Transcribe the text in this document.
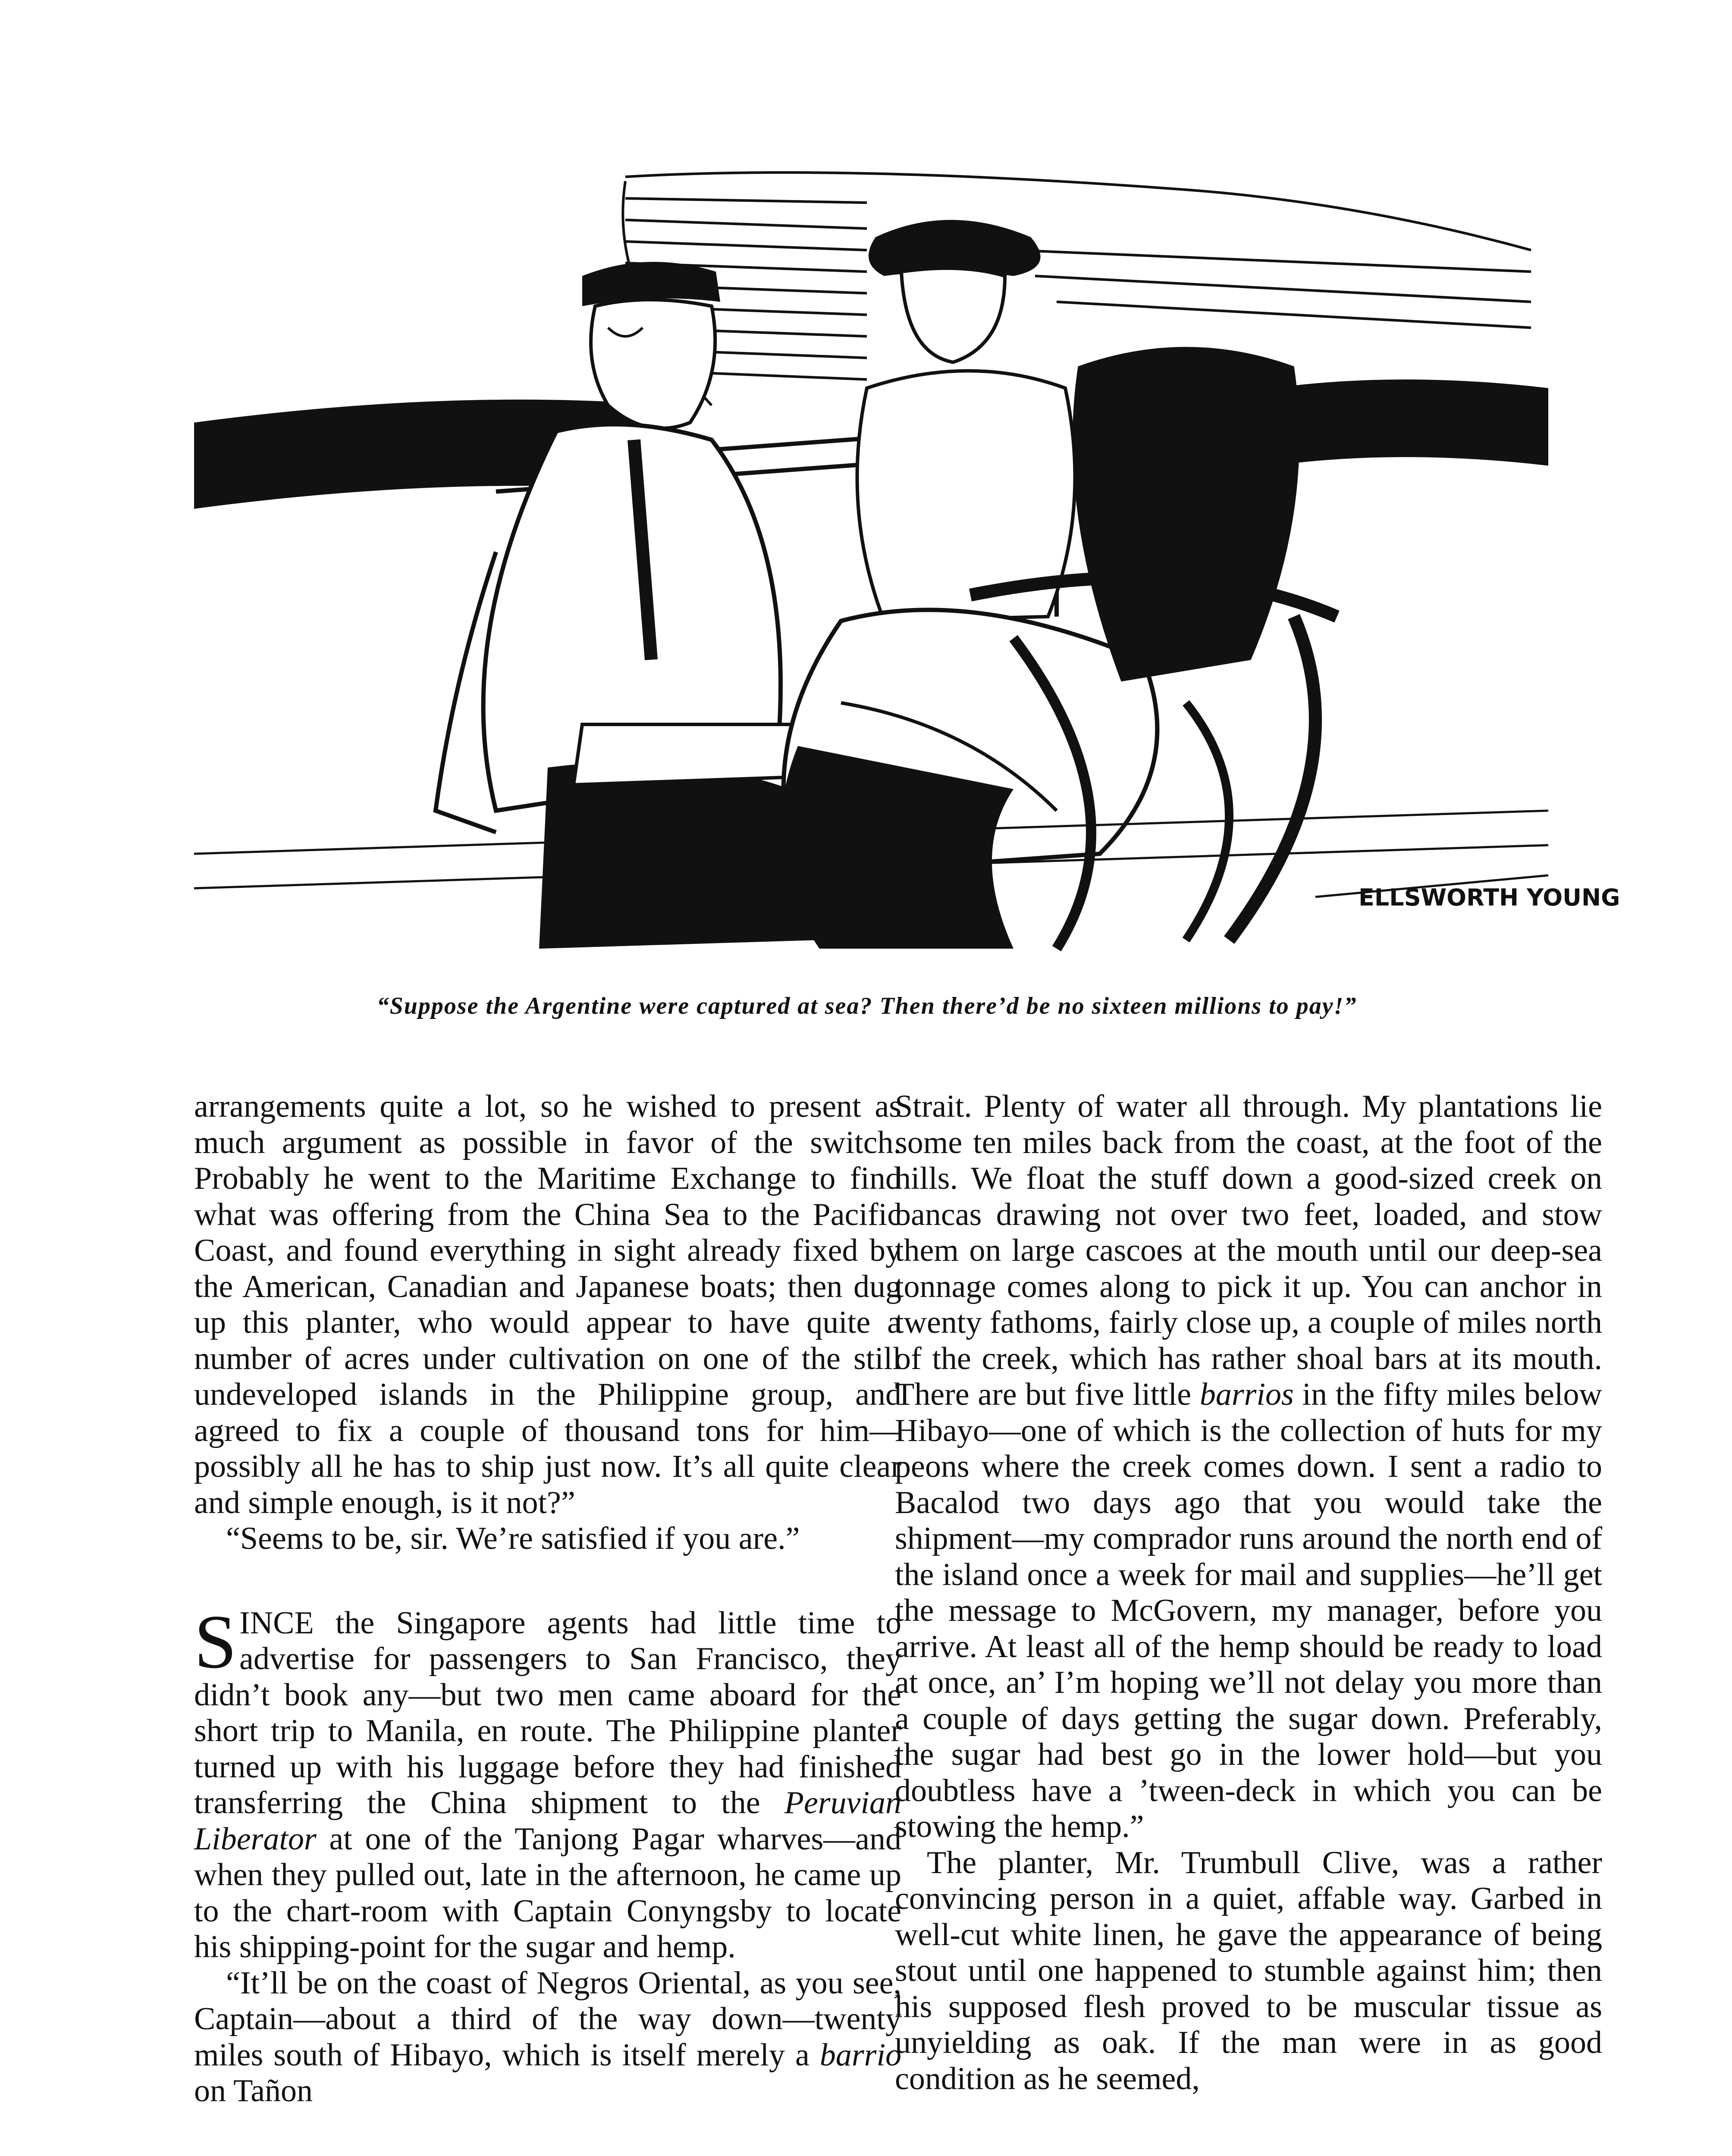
ELLSWORTH YOUNG
“Suppose the Argentine were captured at sea? Then there’d be no sixteen millions to pay!”

arrangements quite a lot, so he wished to present as much argument as possible in favor of the switch. Probably he went to the Maritime Exchange to find what was offering from the China Sea to the Pacific Coast, and found everything in sight already fixed by the American, Canadian and Japanese boats; then dug up this planter, who would appear to have quite a number of acres under cultivation on one of the still undeveloped islands in the Philippine group, and agreed to fix a couple of thousand tons for him—possibly all he has to ship just now. It’s all quite clear and simple enough, is it not?”

“Seems to be, sir. We’re satisfied if you are.”

SINCE the Singapore agents had little time to advertise for passengers to San Francisco, they didn’t book any—but two men came aboard for the short trip to Manila, en route. The Philippine planter turned up with his luggage before they had finished transferring the China shipment to the Peruvian Liberator at one of the Tanjong Pagar wharves—and when they pulled out, late in the afternoon, he came up to the chart-room with Captain Conyngsby to locate his shipping-point for the sugar and hemp.

“It’ll be on the coast of Negros Oriental, as you see, Captain—about a third of the way down—twenty miles south of Hibayo, which is itself merely a barrio on Tañon

Strait. Plenty of water all through. My plantations lie some ten miles back from the coast, at the foot of the hills. We float the stuff down a good-sized creek on bancas drawing not over two feet, loaded, and stow them on large cascoes at the mouth until our deep-sea tonnage comes along to pick it up. You can anchor in twenty fathoms, fairly close up, a couple of miles north of the creek, which has rather shoal bars at its mouth. There are but five little barrios in the fifty miles below Hibayo—one of which is the collection of huts for my peons where the creek comes down. I sent a radio to Bacalod two days ago that you would take the shipment—my comprador runs around the north end of the island once a week for mail and supplies—he’ll get the message to McGovern, my manager, before you arrive. At least all of the hemp should be ready to load at once, an’ I’m hoping we’ll not delay you more than a couple of days getting the sugar down. Preferably, the sugar had best go in the lower hold—but you doubtless have a ’tween-deck in which you can be stowing the hemp.”

The planter, Mr. Trumbull Clive, was a rather convincing person in a quiet, affable way. Garbed in well-cut white linen, he gave the appearance of being stout until one happened to stumble against him; then his supposed flesh proved to be muscular tissue as unyielding as oak. If the man were in as good condition as he seemed,
